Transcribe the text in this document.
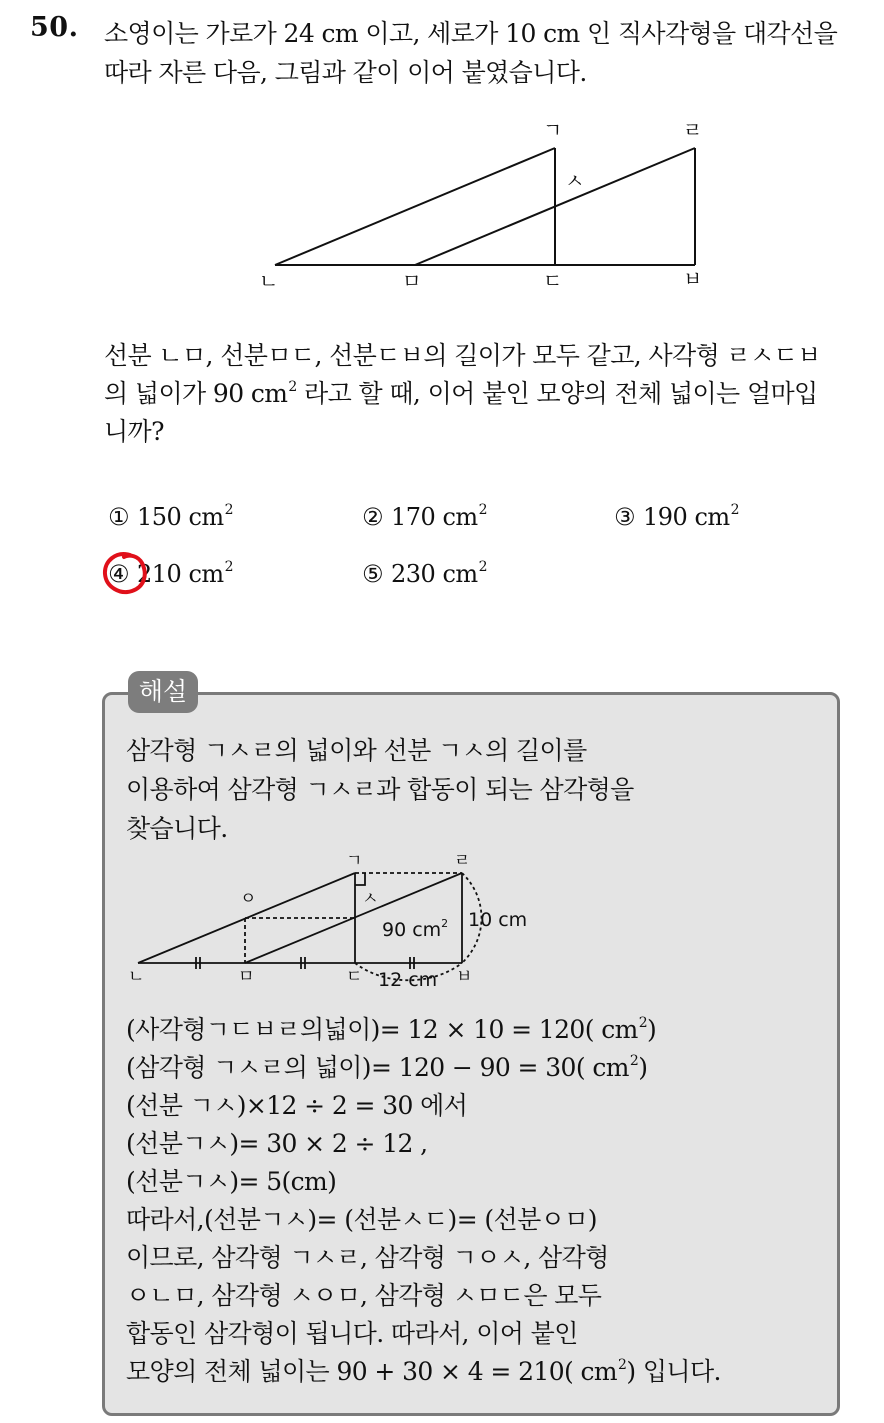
50. 소영이는 가로가 24 cm 이고, 세로가 10 cm 인 직사각형을 대각선을
따라 자른 다음, 그림과 같이 이어 붙였습니다.
ㄱ	ㄹ
ㅅ
ㄴ	ㅁ	ㄷ	ㅂ
선분 ㄴㅁ, 선분ㅁㄷ, 선분ㄷㅂ의 길이가 모두 같고, 사각형 ㄹㅅㄷㅂ
의 넓이가 90 $cm^2$ 라고 할 때, 이어 붙인 모양의 전체 넓이는 얼마입
니까?
① 150 $cm^2$	② 170 $cm^2$	③ 190 $cm^2$
④ 210 $cm^2$	⑤ 230 $cm^2$
해설
삼각형 ㄱㅅㄹ의 넓이와 선분 ㄱㅅ의 길이를
이용하여 삼각형 ㄱㅅㄹ과 합동이 되는 삼각형을
찾습니다.
ㄱ	ㄹ
ㅇ	ㅅ
ㄴ	ㅁ	ㄷ	ㅂ
90 $cm^2$ 10 cm
12 cm
(사각형ㄱㄷㅂㄹ의넓이)= 12 × 10 = 120( $cm^2$)
(삼각형 ㄱㅅㄹ의 넓이)= 120 − 90 = 30( $cm^2$)
(선분 ㄱㅅ)×12 ÷ 2 = 30 에서
(선분ㄱㅅ)= 30 × 2 ÷ 12 ,
(선분ㄱㅅ)= 5(cm)
따라서,(선분ㄱㅅ)= (선분ㅅㄷ)= (선분ㅇㅁ)
이므로, 삼각형 ㄱㅅㄹ, 삼각형 ㄱㅇㅅ, 삼각형
ㅇㄴㅁ, 삼각형 ㅅㅇㅁ, 삼각형 ㅅㅁㄷ은 모두
합동인 삼각형이 됩니다. 따라서, 이어 붙인
모양의 전체 넓이는 90 + 30 × 4 = 210( $cm^2$) 입니다.
